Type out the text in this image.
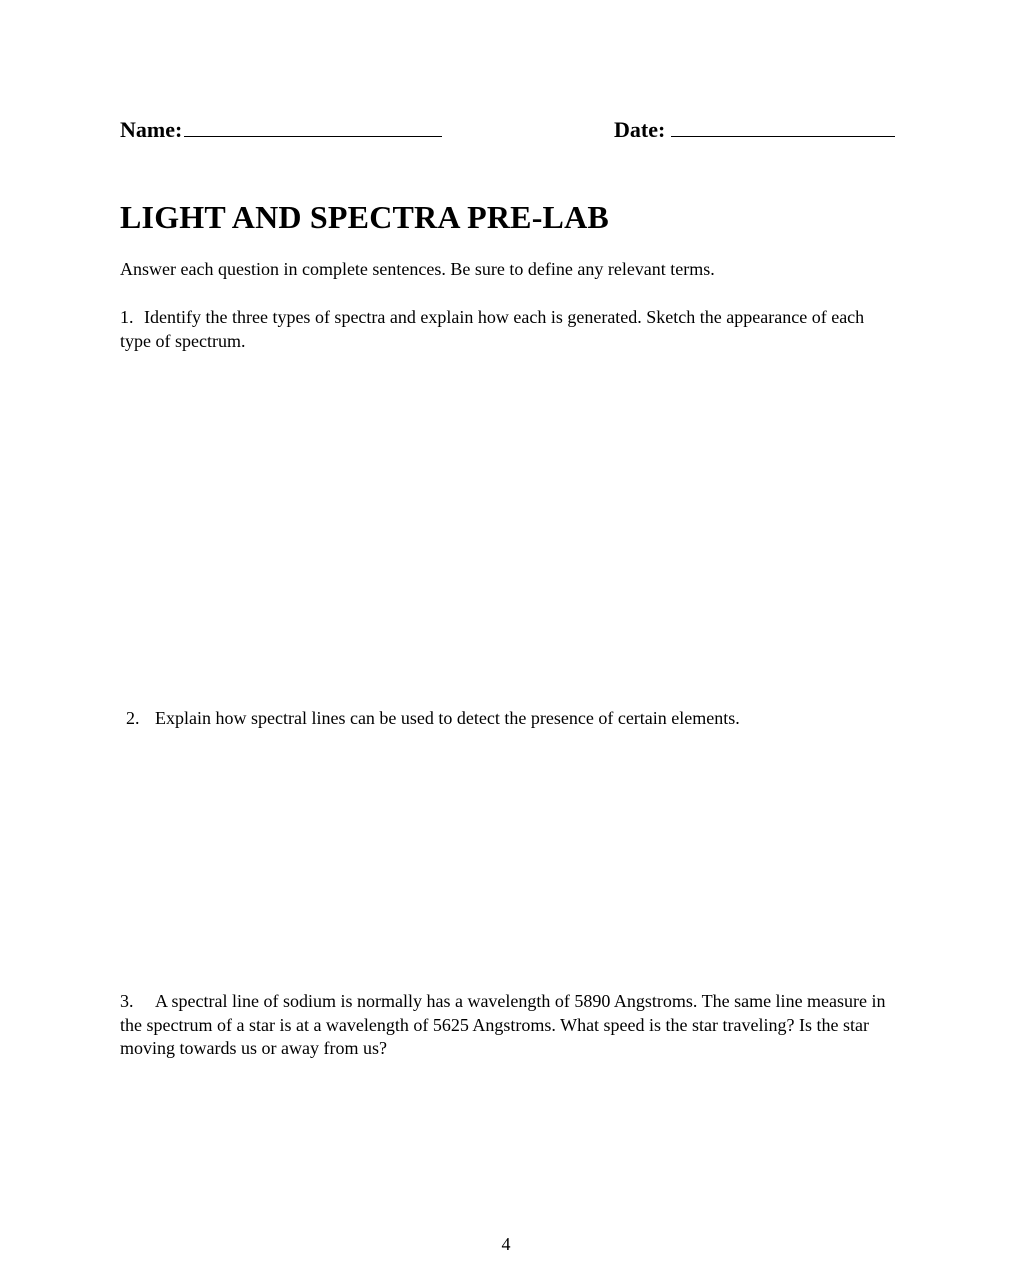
Name:	Date:
LIGHT AND SPECTRA PRE-LAB

Answer each question in complete sentences. Be sure to define any relevant terms.

1. Identify the three types of spectra and explain how each is generated. Sketch the appearance of each type of spectrum.

2. Explain how spectral lines can be used to detect the presence of certain elements.

3. A spectral line of sodium is normally has a wavelength of 5890 Angstroms. The same line measure in the spectrum of a star is at a wavelength of 5625 Angstroms. What speed is the star traveling? Is the star moving towards us or away from us?

4
